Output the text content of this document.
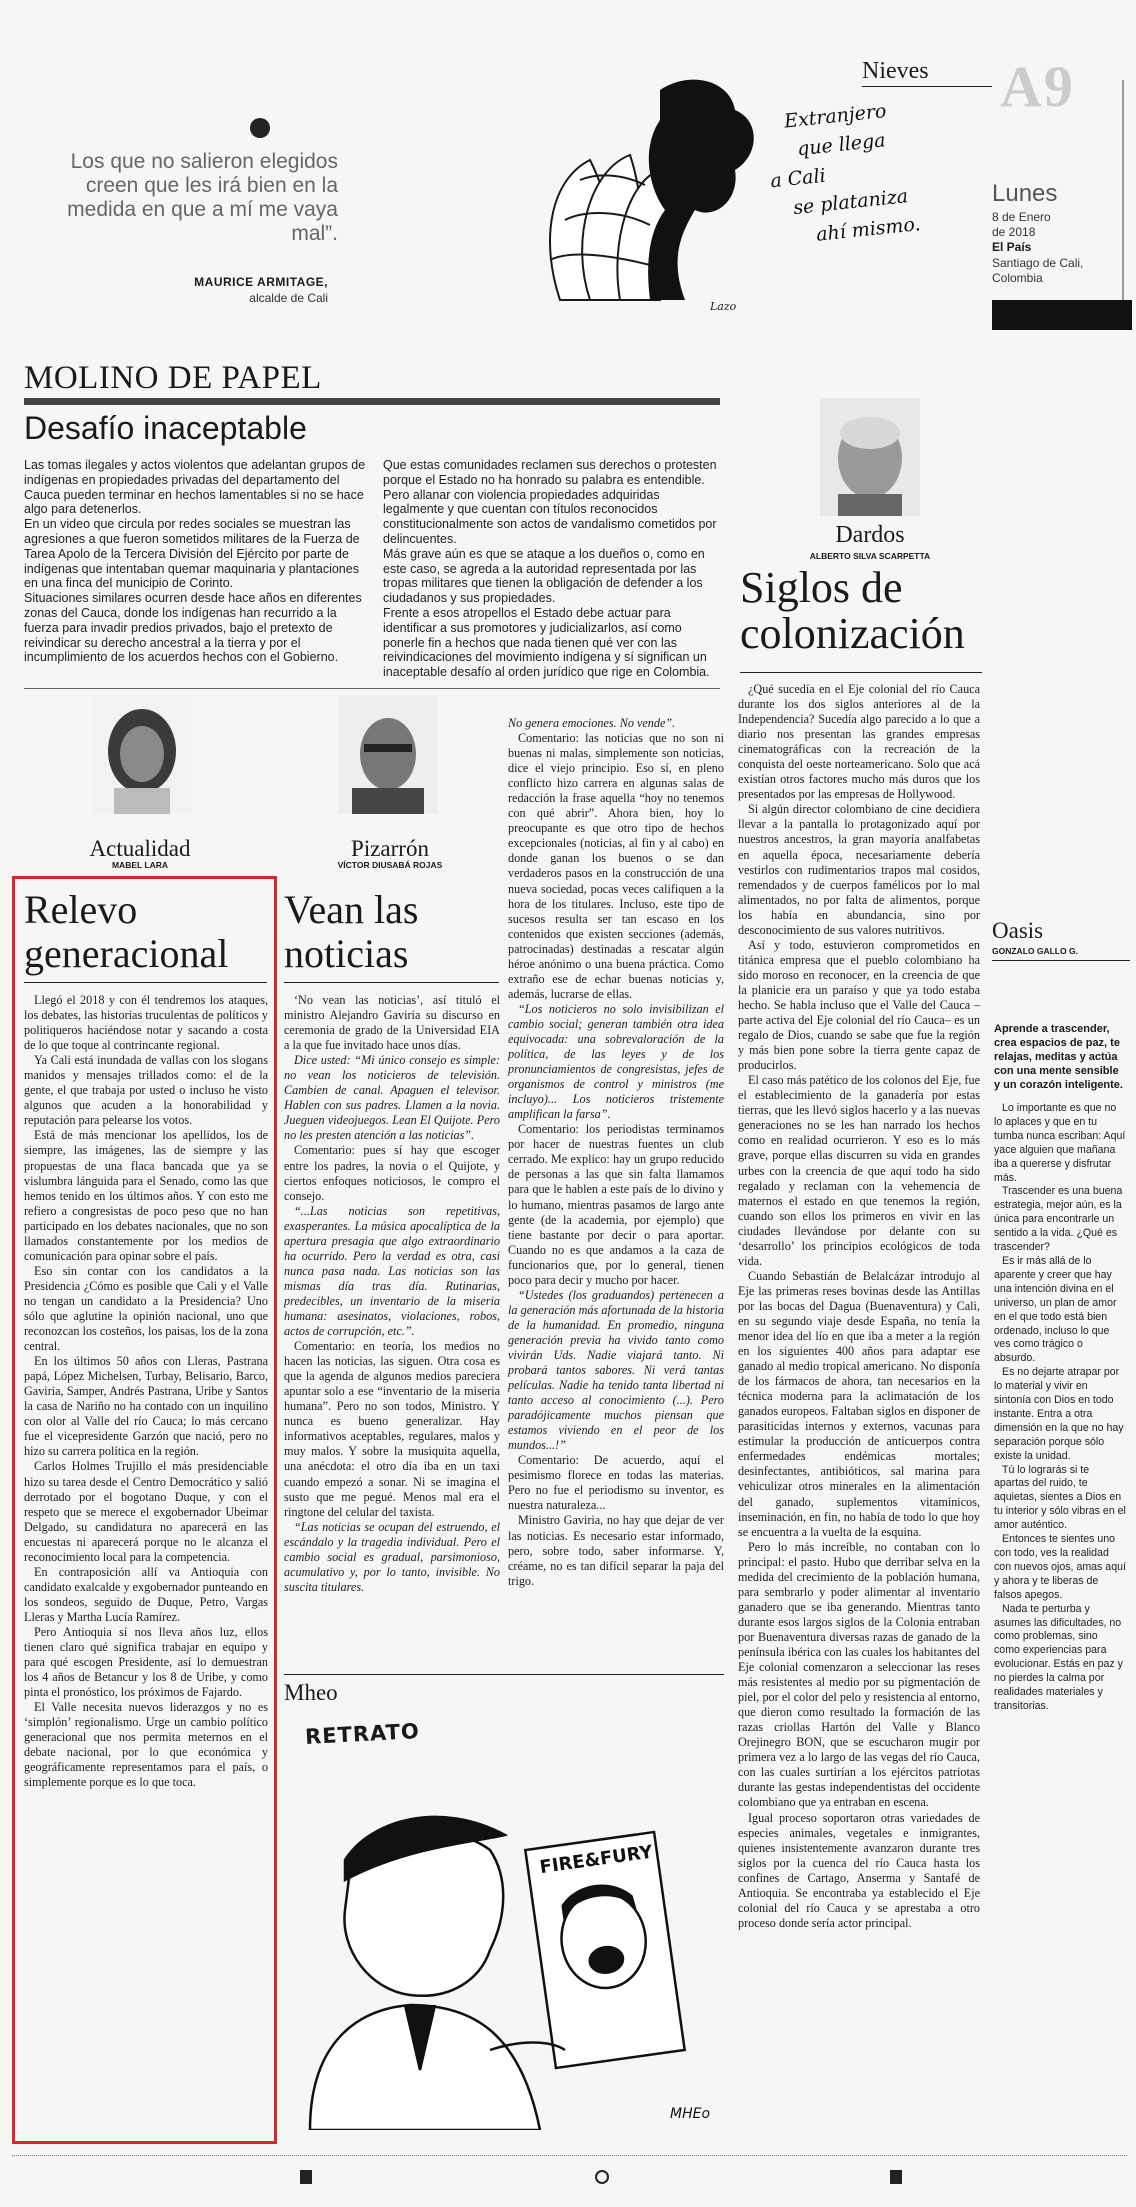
Los que no salieron elegidos creen que les irá bien en la medida en que a mí me vaya mal”.
MAURICE ARMITAGE,
alcalde de Cali
Extranjero
que llega
a Cali
se plataniza
ahí mismo.
Lazo
Nieves A9
Lunes
8 de Enero
de 2018
El País
Santiago de Cali,
Colombia
MOLINO DE PAPEL
Desafío inaceptable

Las tomas ilegales y actos violentos que adelantan grupos de indígenas en propiedades privadas del departamento del Cauca pueden terminar en hechos lamentables si no se hace algo para detenerlos.

En un video que circula por redes sociales se muestran las agresiones a que fueron sometidos militares de la Fuerza de Tarea Apolo de la Tercera División del Ejército por parte de indígenas que intentaban quemar maquinaria y plantaciones en una finca del municipio de Corinto.

Situaciones similares ocurren desde hace años en diferentes zonas del Cauca, donde los indígenas han recurrido a la fuerza para invadir predios privados, bajo el pretexto de reivindicar su derecho ancestral a la tierra y por el incumplimiento de los acuerdos hechos con el Gobierno.

Que estas comunidades reclamen sus derechos o protesten porque el Estado no ha honrado su palabra es entendible. Pero allanar con violencia propiedades adquiridas legalmente y que cuentan con títulos reconocidos constitucionalmente son actos de vandalismo cometidos por delincuentes.

Más grave aún es que se ataque a los dueños o, como en este caso, se agreda a la autoridad representada por las tropas militares que tienen la obligación de defender a los ciudadanos y sus propiedades.

Frente a esos atropellos el Estado debe actuar para identificar a sus promotores y judicializarlos, así como ponerle fin a hechos que nada tienen qué ver con las reivindicaciones del movimiento indígena y sí significan un inaceptable desafío al orden jurídico que rige en Colombia.

Dardos
ALBERTO SILVA SCARPETTA
Siglos de
colonización

¿Qué sucedía en el Eje colonial del río Cauca durante los dos siglos anteriores al de la Independencia? Sucedía algo parecido a lo que a diario nos presentan las grandes empresas cinematográficas con la recreación de la conquista del oeste norteamericano. Solo que acá existían otros factores mucho más duros que los presentados por las empresas de Hollywood.

Si algún director colombiano de cine decidiera llevar a la pantalla lo protagonizado aquí por nuestros ancestros, la gran mayoría analfabetas en aquella época, necesariamente debería vestirlos con rudimentarios trapos mal cosidos, remendados y de cuerpos famélicos por lo mal alimentados, no por falta de alimentos, porque los había en abundancia, sino por desconocimiento de sus valores nutritivos.

Así y todo, estuvieron comprometidos en titánica empresa que el pueblo colombiano ha sido moroso en reconocer, en la creencia de que la planicie era un paraíso y que ya todo estaba hecho. Se habla incluso que el Valle del Cauca –parte activa del Eje colonial del río Cauca– es un regalo de Dios, cuando se sabe que fue la región y más bien pone sobre la tierra gente capaz de producirlos.

El caso más patético de los colonos del Eje, fue el establecimiento de la ganadería por estas tierras, que les llevó siglos hacerlo y a las nuevas generaciones no se les han narrado los hechos como en realidad ocurrieron. Y eso es lo más grave, porque ellas discurren su vida en grandes urbes con la creencia de que aquí todo ha sido regalado y reclaman con la vehemencia de maternos el estado en que tenemos la región, cuando son ellos los primeros en vivir en las ciudades llevándose por delante con su ‘desarrollo’ los principios ecológicos de toda vida.

Cuando Sebastián de Belalcázar introdujo al Eje las primeras reses bovinas desde las Antillas por las bocas del Dagua (Buenaventura) y Cali, en su segundo viaje desde España, no tenía la menor idea del lío en que iba a meter a la región en los siguientes 400 años para adaptar ese ganado al medio tropical americano. No disponía de los fármacos de ahora, tan necesarios en la técnica moderna para la aclimatación de los ganados europeos. Faltaban siglos en disponer de parasiticidas internos y externos, vacunas para estimular la producción de anticuerpos contra enfermedades endémicas mortales; desinfectantes, antibióticos, sal marina para vehiculizar otros minerales en la alimentación del ganado, suplementos vitamínicos, inseminación, en fin, no había de todo lo que hoy se encuentra a la vuelta de la esquina.

Pero lo más increíble, no contaban con lo principal: el pasto. Hubo que derribar selva en la medida del crecimiento de la población humana, para sembrarlo y poder alimentar al inventario ganadero que se iba generando. Mientras tanto durante esos largos siglos de la Colonia entraban por Buenaventura diversas razas de ganado de la península ibérica con las cuales los habitantes del Eje colonial comenzaron a seleccionar las reses más resistentes al medio por su pigmentación de piel, por el color del pelo y resistencia al entorno, que dieron como resultado la formación de las razas criollas Hartón del Valle y Blanco Orejinegro BON, que se escucharon mugir por primera vez a lo largo de las vegas del río Cauca, con las cuales surtirían a los ejércitos patriotas durante las gestas independentistas del occidente colombiano que ya entraban en escena.

Igual proceso soportaron otras variedades de especies animales, vegetales e inmigrantes, quienes insistentemente avanzaron durante tres siglos por la cuenca del río Cauca hasta los confines de Cartago, Anserma y Santafé de Antioquia. Se encontraba ya establecido el Eje colonial del río Cauca y se aprestaba a otro proceso donde sería actor principal.

Oasis
GONZALO GALLO G.
Aprende a trascender, crea espacios de paz, te relajas, meditas y actúa con una mente sensible y un corazón inteligente.

Lo importante es que no lo aplaces y que en tu tumba nunca escriban: Aquí yace alguien que mañana iba a quererse y disfrutar más.

Trascender es una buena estrategia, mejor aún, es la única para encontrarle un sentido a la vida. ¿Qué es trascender?

Es ir más allá de lo aparente y creer que hay una intención divina en el universo, un plan de amor en el que todo está bien ordenado, incluso lo que ves como trágico o absurdo.

Es no dejarte atrapar por lo material y vivir en sintonía con Dios en todo instante. Entra a otra dimensión en la que no hay separación porque sólo existe la unidad.

Tú lo lograrás si te apartas del ruido, te aquietas, sientes a Dios en tu interior y sólo vibras en el amor auténtico.

Entonces te sientes uno con todo, ves la realidad con nuevos ojos, amas aquí y ahora y te liberas de falsos apegos.

Nada te perturba y asumes las dificultades, no como problemas, sino como experiencias para evolucionar. Estás en paz y no pierdes la calma por realidades materiales y transitorias.

Actualidad
MABEL LARA
Pizarrón
VÍCTOR DIUSABÁ ROJAS
Relevo
generacional

Llegó el 2018 y con él tendremos los ataques, los debates, las historias truculentas de políticos y politiqueros haciéndose notar y sacando a costa de lo que toque al contrincante regional.

Ya Cali está inundada de vallas con los slogans manidos y mensajes trillados como: el de la gente, el que trabaja por usted o incluso he visto algunos que acuden a la honorabilidad y reputación para pelearse los votos.

Está de más mencionar los apellidos, los de siempre, las imágenes, las de siempre y las propuestas de una flaca bancada que ya se vislumbra lánguida para el Senado, como las que hemos tenido en los últimos años. Y con esto me refiero a congresistas de poco peso que no han participado en los debates nacionales, que no son llamados constantemente por los medios de comunicación para opinar sobre el país.

Eso sin contar con los candidatos a la Presidencia ¿Cómo es posible que Cali y el Valle no tengan un candidato a la Presidencia? Uno sólo que aglutine la opinión nacional, uno que reconozcan los costeños, los paisas, los de la zona central.

En los últimos 50 años con Lleras, Pastrana papá, López Michelsen, Turbay, Belisario, Barco, Gaviria, Samper, Andrés Pastrana, Uribe y Santos la casa de Nariño no ha contado con un inquilino con olor al Valle del río Cauca; lo más cercano fue el vicepresidente Garzón que nació, pero no hizo su carrera política en la región.

Carlos Holmes Trujillo el más presidenciable hizo su tarea desde el Centro Democrático y salió derrotado por el bogotano Duque, y con el respeto que se merece el exgobernador Ubeimar Delgado, su candidatura no aparecerá en las encuestas ni aparecerá porque no le alcanza el reconocimiento local para la competencia.

En contraposición allí va Antioquia con candidato exalcalde y exgobernador punteando en los sondeos, seguido de Duque, Petro, Vargas Lleras y Martha Lucía Ramírez.

Pero Antioquia sí nos lleva años luz, ellos tienen claro qué significa trabajar en equipo y para qué escogen Presidente, así lo demuestran los 4 años de Betancur y los 8 de Uribe, y como pinta el pronóstico, los próximos de Fajardo.

El Valle necesita nuevos liderazgos y no es ‘simplón’ regionalismo. Urge un cambio político generacional que nos permita meternos en el debate nacional, por lo que económica y geográficamente representamos para el país, o simplemente porque es lo que toca.

Vean las
noticias

‘No vean las noticias’, así tituló el ministro Alejandro Gaviria su discurso en ceremonia de grado de la Universidad EIA a la que fue invitado hace unos días.

Dice usted: “Mi único consejo es simple: no vean los noticieros de televisión. Cambien de canal. Apaguen el televisor. Hablen con sus padres. Llamen a la novia. Jueguen videojuegos. Lean El Quijote. Pero no les presten atención a las noticias”.

Comentario: pues sí hay que escoger entre los padres, la novia o el Quijote, y ciertos enfoques noticiosos, le compro el consejo.

“...Las noticias son repetitivas, exasperantes. La música apocalíptica de la apertura presagia que algo extraordinario ha ocurrido. Pero la verdad es otra, casi nunca pasa nada. Las noticias son las mismas día tras día. Rutinarias, predecibles, un inventario de la miseria humana: asesinatos, violaciones, robos, actos de corrupción, etc.”.

Comentario: en teoría, los medios no hacen las noticias, las siguen. Otra cosa es que la agenda de algunos medios pareciera apuntar solo a ese “inventario de la miseria humana”. Pero no son todos, Ministro. Y nunca es bueno generalizar. Hay informativos aceptables, regulares, malos y muy malos. Y sobre la musiquita aquella, una anécdota: el otro día iba en un taxi cuando empezó a sonar. Ni se imagina el susto que me pegué. Menos mal era el ringtone del celular del taxista.

“Las noticias se ocupan del estruendo, el escándalo y la tragedia individual. Pero el cambio social es gradual, parsimonioso, acumulativo y, por lo tanto, invisible. No suscita titulares.

No genera emociones. No vende”.

Comentario: las noticias que no son ni buenas ni malas, simplemente son noticias, dice el viejo principio. Eso sí, en pleno conflicto hizo carrera en algunas salas de redacción la frase aquella “hoy no tenemos con qué abrir”. Ahora bien, hoy lo preocupante es que otro tipo de hechos excepcionales (noticias, al fin y al cabo) en donde ganan los buenos o se dan verdaderos pasos en la construcción de una nueva sociedad, pocas veces califiquen a la hora de los titulares. Incluso, este tipo de sucesos resulta ser tan escaso en los contenidos que existen secciones (además, patrocinadas) destinadas a rescatar algún héroe anónimo o una buena práctica. Como extraño ese de echar buenas noticias y, además, lucrarse de ellas.

“Los noticieros no solo invisibilizan el cambio social; generan también otra idea equivocada: una sobrevaloración de la política, de las leyes y de los pronunciamientos de congresistas, jefes de organismos de control y ministros (me incluyo)... Los noticieros tristemente amplifican la farsa”.

Comentario: los periodistas terminamos por hacer de nuestras fuentes un club cerrado. Me explico: hay un grupo reducido de personas a las que sin falta llamamos para que le hablen a este país de lo divino y lo humano, mientras pasamos de largo ante gente (de la academia, por ejemplo) que tiene bastante por decir o para aportar. Cuando no es que andamos a la caza de funcionarios que, por lo general, tienen poco para decir y mucho por hacer.

“Ustedes (los graduandos) pertenecen a la generación más afortunada de la historia de la humanidad. En promedio, ninguna generación previa ha vivido tanto como vivirán Uds. Nadie viajará tanto. Ni probará tantos sabores. Ni verá tantas películas. Nadie ha tenido tanta libertad ni tanto acceso al conocimiento (...). Pero paradójicamente muchos piensan que estamos viviendo en el peor de los mundos...!”

Comentario: De acuerdo, aquí el pesimismo florece en todas las materias. Pero no fue el periodismo su inventor, es nuestra naturaleza...

Ministro Gaviria, no hay que dejar de ver las noticias. Es necesario estar informado, pero, sobre todo, saber informarse. Y, créame, no es tan difícil separar la paja del trigo.

Mheo
RETRATO
FIRE&FURY
MHEo
